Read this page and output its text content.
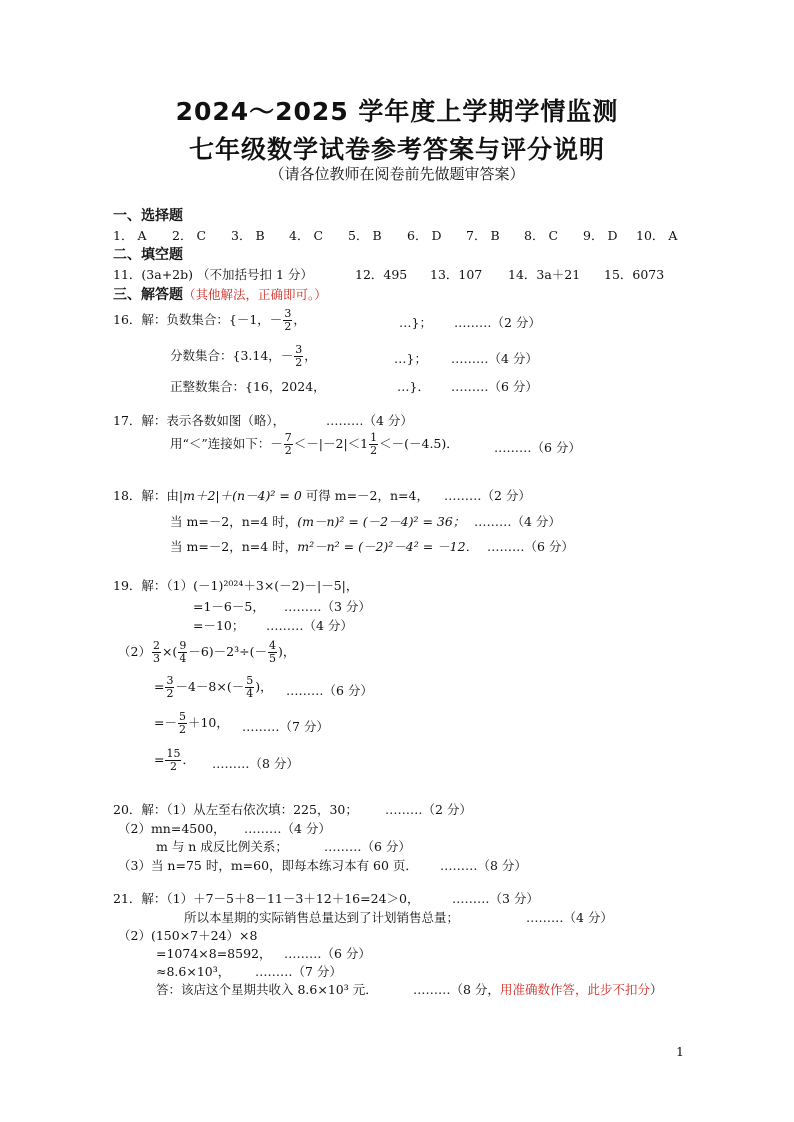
2024～2025 学年度上学期学情监测
七年级数学试卷参考答案与评分说明
（请各位教师在阅卷前先做题审答案）
一、选择题
1． A 2． C 3． B 4． C 5． B 6． D 7． B 8． C 9． D 10． A
二、填空题
11．(3a+2b) （不加括号扣 1 分）	12．495 13．107 14．3a＋21 15．6073
三、解答题（其他解法，正确即可。）
16．解：负数集合：{－1，－ $\frac{3}{2}$ ，	…}； ………（2 分）
分数集合：{3.14，－ $\frac{3}{2}$ ，	…}； ………（4 分）
正整数集合：{16，2024，	…}． ………（6 分）
17．解：表示各数如图（略），	………（4 分）
用“＜”连接如下：－ $\frac{7}{2} <-|-2|<1 \frac{1}{2} <-(-4.5)$．	………（6 分）
18．解：由|m＋2|＋(n－4)² = 0 可得 m=－2，n=4， ………（2 分）
当 m=－2，n=4 时，(m－n)² = (－2－4)² = 36； ………（4 分）
当 m=－2，n=4 时，m²－n² = (－2)²－4² = －12． ………（6 分）
19．解：（1）(－1)²⁰²⁴＋3×(－2)－|－5|，
=1－6－5， ………（3 分）
=－10； ………（4 分）
$(2) \frac{2}{3}$ ×( $\frac{9}{4} -6)-2^3\div(- \frac{4}{5}$ )，
= $\frac{3}{2} -4-8\times(- \frac{5}{4}$ )， ………（6 分）
=－ $\frac{5}{2} +10$， ………（7 分）
= $\frac{15}{2}$ ． ………（8 分）
20．解：（1）从左至右依次填：225，30； ………（2 分）
（2）mn=4500， ………（4 分）
m 与 n 成反比例关系；	………（6 分）
（3）当 n=75 时，m=60，即每本练习本有 60 页． ………（8 分）
21．解：（1）＋7－5＋8－11－3＋12＋16=24＞0，	………（3 分）
所以本星期的实际销售总量达到了计划销售总量；	………（4 分）
（2）(150×7＋24）×8
=1074×8=8592， ………（6 分）
≈8.6×10³， ………（7 分）
答：该店这个星期共收入 8.6×10³ 元．	………（8 分，用准确数作答，此步不扣分）
1
